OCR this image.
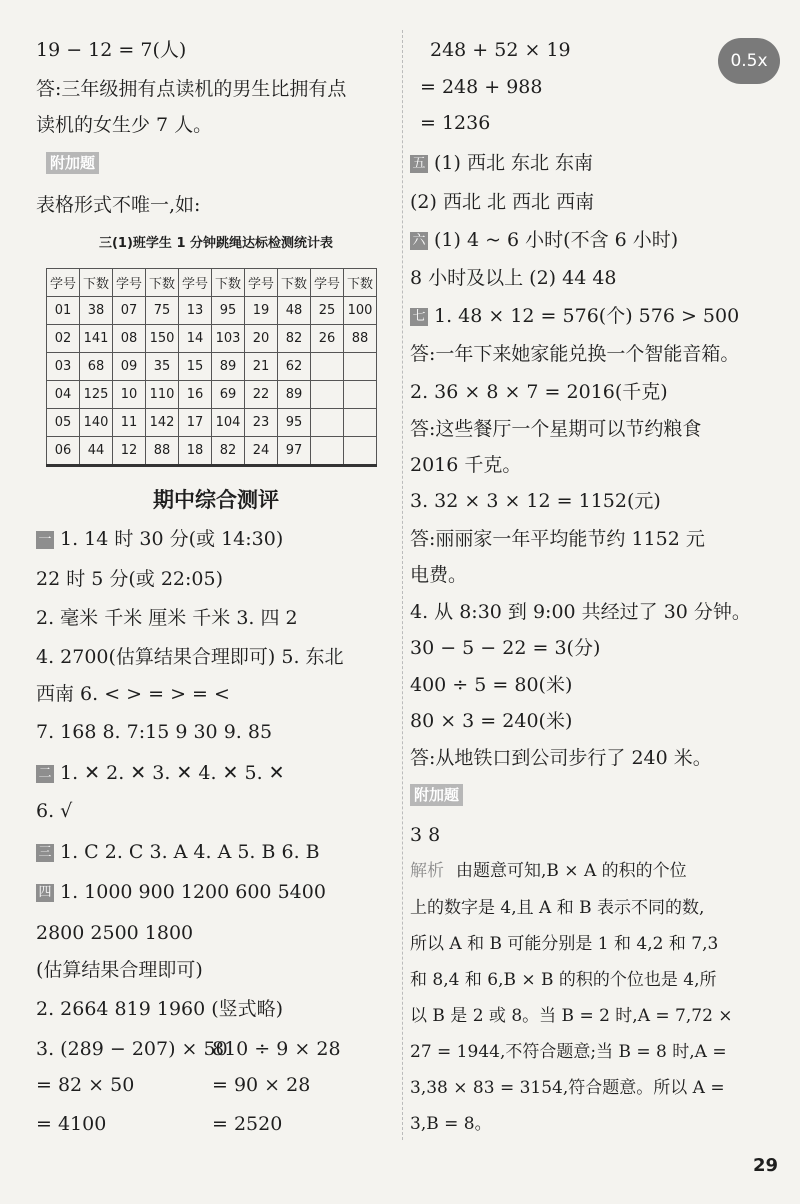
19 − 12 = 7(人)
答:三年级拥有点读机的男生比拥有点
读机的女生少 7 人。
附加题
表格形式不唯一,如:
三(1)班学生 1 分钟跳绳达标检测统计表
学号	下数	学号	下数	学号	下数	学号	下数	学号	下数
01	38	07	75	13	95	19	48	25	100
02	141	08	150	14	103	20	82	26	88
03	68	09	35	15	89	21	62		
04	125	10	110	16	69	22	89		
05	140	11	142	17	104	23	95		
06	44	12	88	18	82	24	97		
期中综合测评
一 1. 14 时 30 分(或 14:30)
22 时 5 分(或 22:05)
2. 毫米 千米 厘米 千米 3. 四 2
4. 2700(估算结果合理即可) 5. 东北
西南 6. < > = > = <
7. 168 8. 7:15 9 30 9. 85
二 1. ✕ 2. ✕ 3. ✕ 4. ✕ 5. ✕
6. √
三 1. C 2. C 3. A 4. A 5. B 6. B
四 1. 1000 900 1200 600 5400
2800 2500 1800
(估算结果合理即可)
2. 2664 819 1960 (竖式略)
3. (289 − 207) × 50
= 82 × 50
= 4100
810 ÷ 9 × 28
= 90 × 28
= 2520
248 + 52 × 19
= 248 + 988
= 1236
五 (1) 西北 东北 东南
(2) 西北 北 西北 西南
六 (1) 4 ~ 6 小时(不含 6 小时)
8 小时及以上 (2) 44 48
七 1. 48 × 12 = 576(个) 576 > 500
答:一年下来她家能兑换一个智能音箱。
2. 36 × 8 × 7 = 2016(千克)
答:这些餐厅一个星期可以节约粮食
2016 千克。
3. 32 × 3 × 12 = 1152(元)
答:丽丽家一年平均能节约 1152 元
电费。
4. 从 8:30 到 9:00 共经过了 30 分钟。
30 − 5 − 22 = 3(分)
400 ÷ 5 = 80(米)
80 × 3 = 240(米)
答:从地铁口到公司步行了 240 米。
附加题
3 8
解析 由题意可知,B × A 的积的个位
上的数字是 4,且 A 和 B 表示不同的数,
所以 A 和 B 可能分别是 1 和 4,2 和 7,3
和 8,4 和 6,B × B 的积的个位也是 4,所
以 B 是 2 或 8。当 B = 2 时,A = 7,72 ×
27 = 1944,不符合题意;当 B = 8 时,A =
3,38 × 83 = 3154,符合题意。所以 A =
3,B = 8。
0.5x
29
